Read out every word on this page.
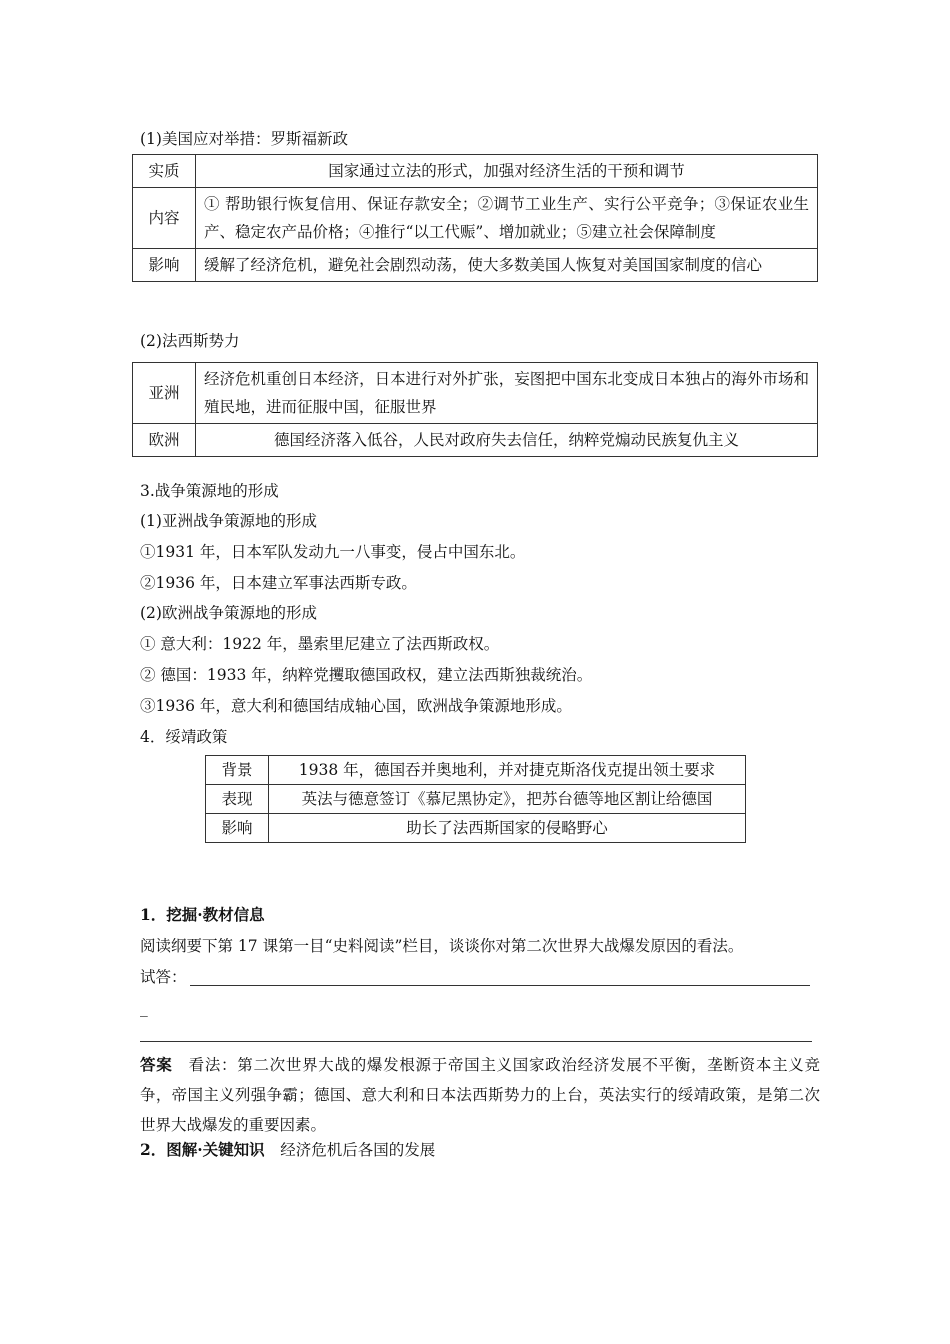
(1)美国应对举措：罗斯福新政
实质	国家通过立法的形式，加强对经济生活的干预和调节
内容	① 帮助银行恢复信用、保证存款安全；②调节工业生产、实行公平竞争；③保证农业生产、稳定农产品价格；④推行“以工代赈”、增加就业；⑤建立社会保障制度
影响	缓解了经济危机，避免社会剧烈动荡，使大多数美国人恢复对美国国家制度的信心
(2)法西斯势力
亚洲	经济危机重创日本经济，日本进行对外扩张，妄图把中国东北变成日本独占的海外市场和殖民地，进而征服中国，征服世界
欧洲	德国经济落入低谷，人民对政府失去信任，纳粹党煽动民族复仇主义
3.战争策源地的形成
(1)亚洲战争策源地的形成
①1931 年，日本军队发动九一八事变，侵占中国东北。
②1936 年，日本建立军事法西斯专政。
(2)欧洲战争策源地的形成
① 意大利：1922 年，墨索里尼建立了法西斯政权。
② 德国：1933 年，纳粹党攫取德国政权，建立法西斯独裁统治。
③1936 年，意大利和德国结成轴心国，欧洲战争策源地形成。
4．绥靖政策
背景	1938 年，德国吞并奥地利，并对捷克斯洛伐克提出领土要求
表现	英法与德意签订《慕尼黑协定》，把苏台德等地区割让给德国
影响	助长了法西斯国家的侵略野心
1．挖掘·教材信息
阅读纲要下第 17 课第一目“史料阅读”栏目，谈谈你对第二次世界大战爆发原因的看法。
试答：
_
答案　 看法：第二次世界大战的爆发根源于帝国主义国家政治经济发展不平衡，垄断资本主义竞争，帝国主义列强争霸；德国、意大利和日本法西斯势力的上台，英法实行的绥靖政策，是第二次世界大战爆发的重要因素。
2．图解·关键知识　 经济危机后各国的发展
